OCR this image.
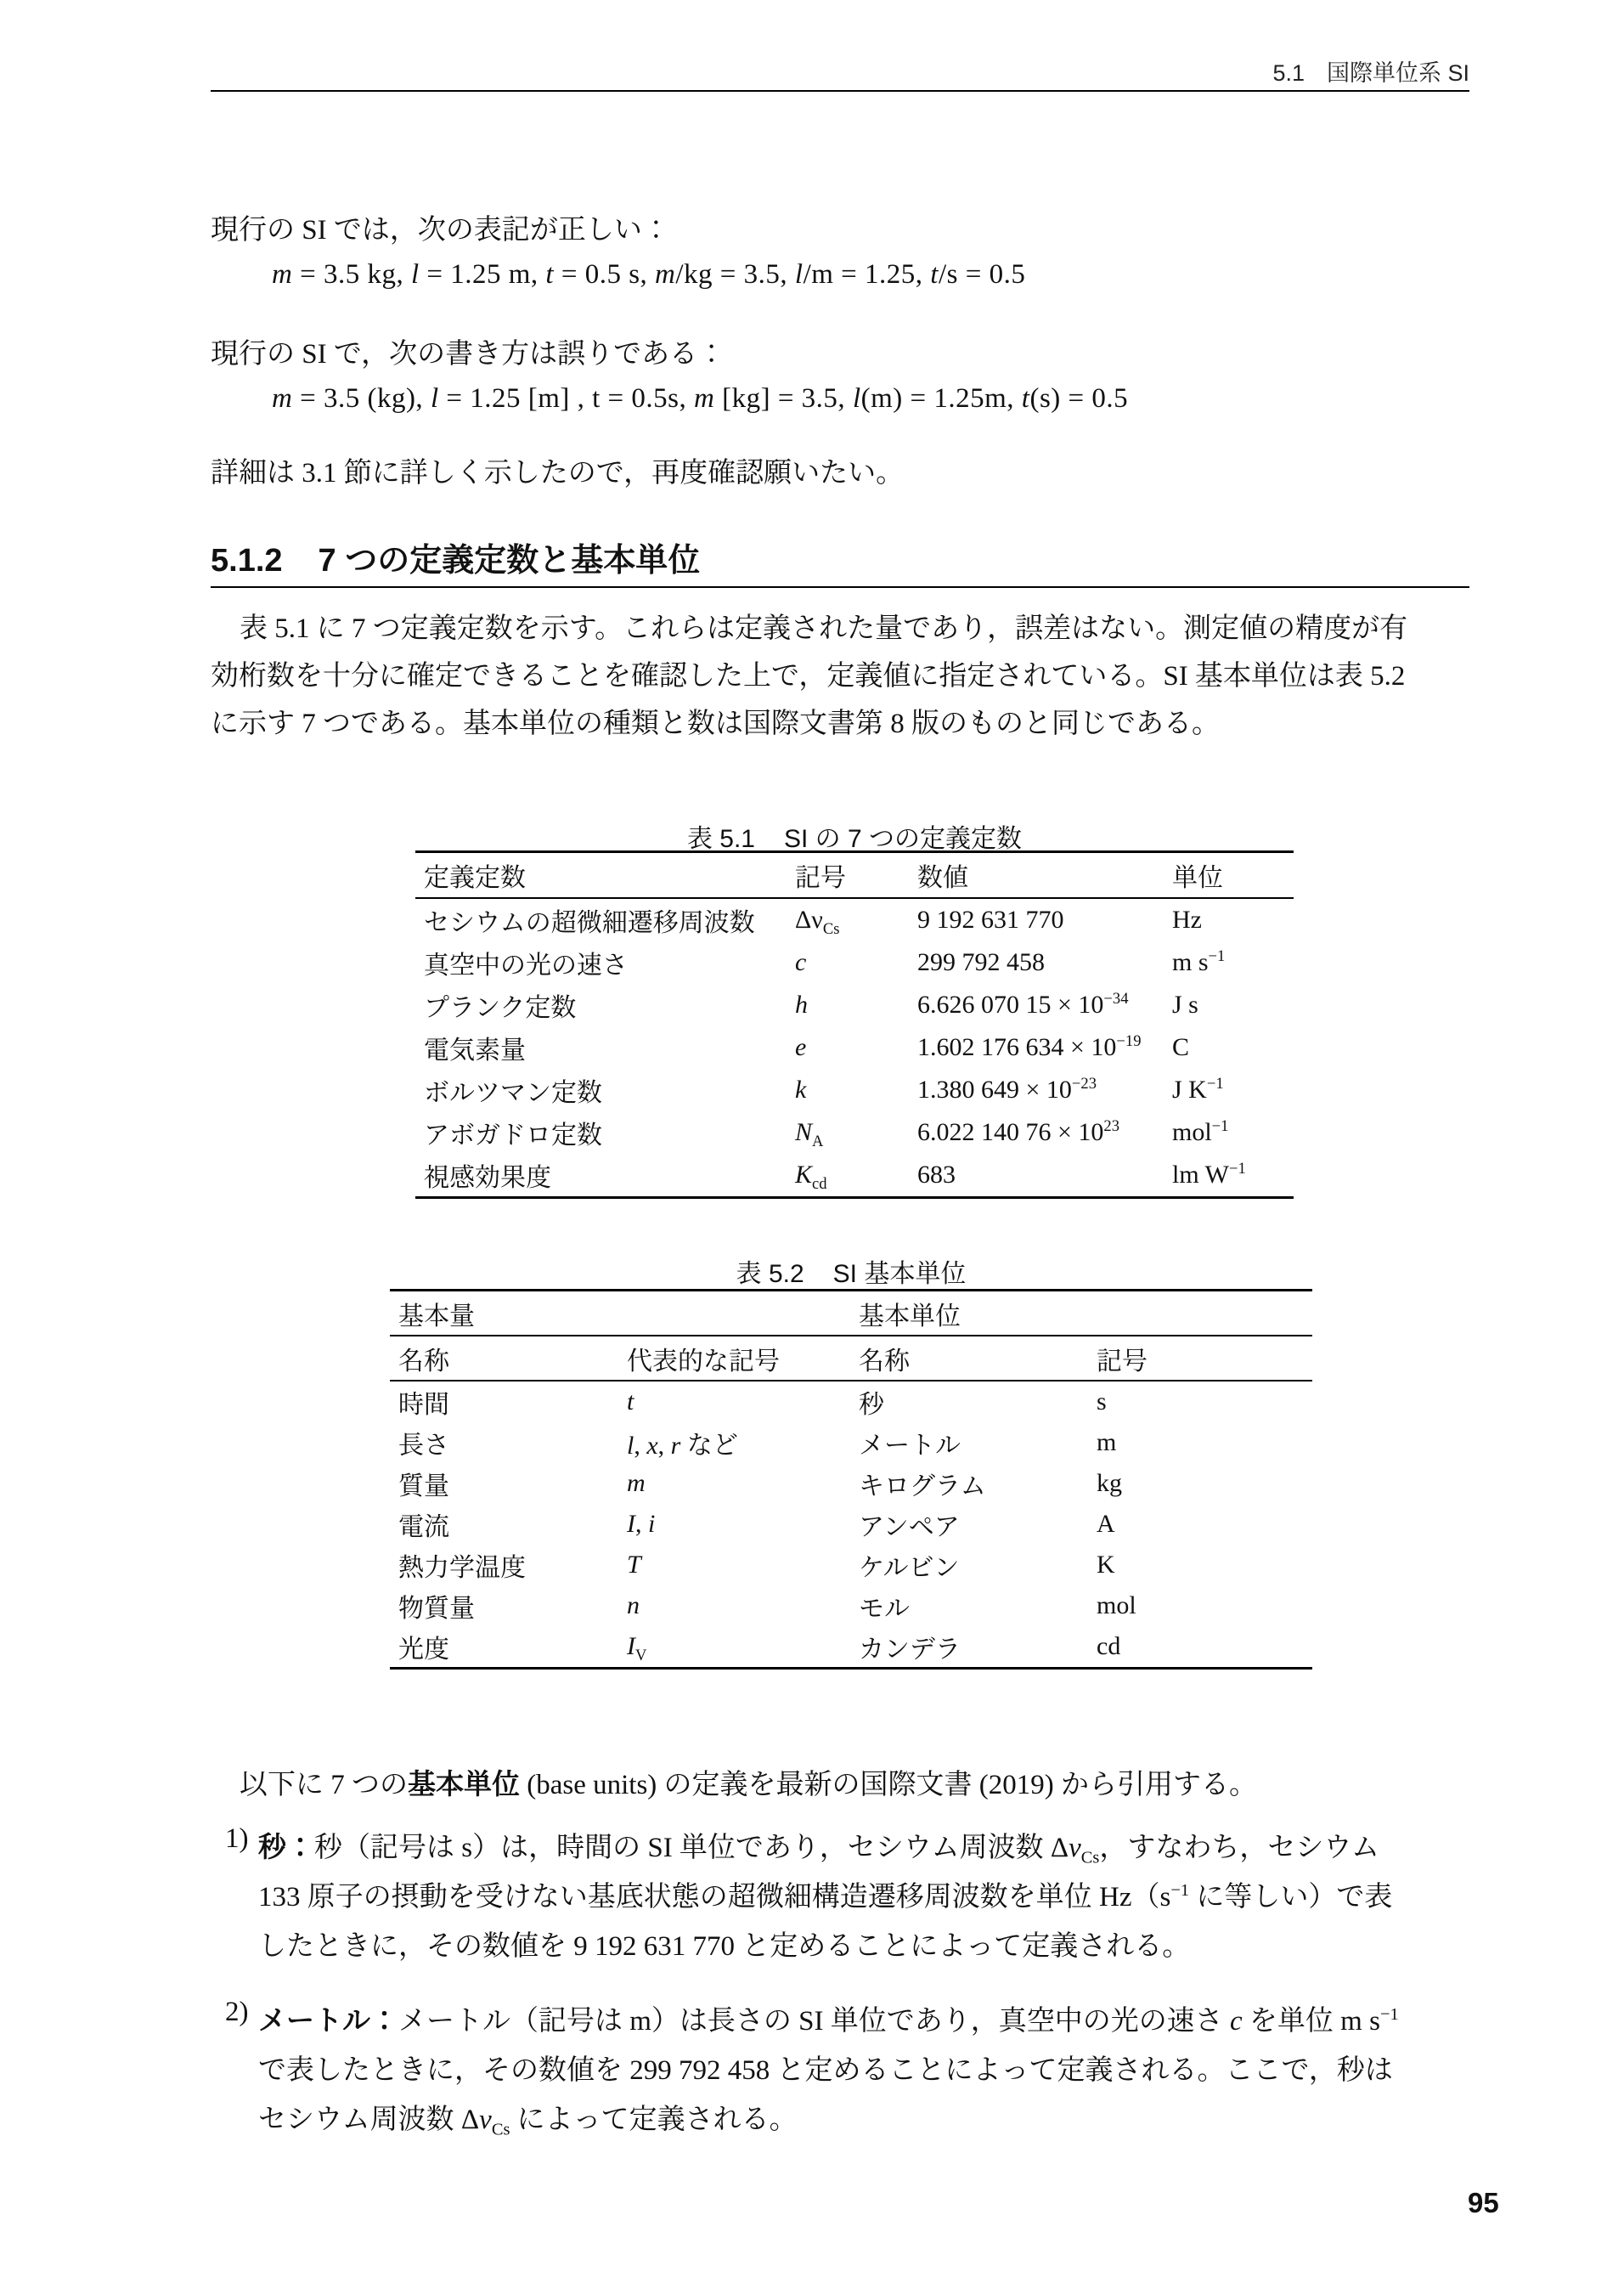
5.1 国際単位系 SI
現行の SI では，次の表記が正しい：
m = 3.5 kg, l = 1.25 m, t = 0.5 s, m/kg = 3.5, l/m = 1.25, t/s = 0.5
現行の SI で，次の書き方は誤りである：
m = 3.5 (kg), l = 1.25 [m] , t = 0.5s, m [kg] = 3.5, l(m) = 1.25m, t(s) = 0.5
詳細は 3.1 節に詳しく示したので，再度確認願いたい。
5.1.2 7 つの定義定数と基本単位
表 5.1 に 7 つ定義定数を示す。これらは定義された量であり，誤差はない。測定値の精度が有
効桁数を十分に確定できることを確認した上で，定義値に指定されている。SI 基本単位は表 5.2
に示す 7 つである。基本単位の種類と数は国際文書第 8 版のものと同じである。
表 5.1 SI の 7 つの定義定数
定義定数	記号	数値	単位
セシウムの超微細遷移周波数	$\Delta\nu_{Cs}$	9 192 631 770	Hz
真空中の光の速さ	c	299 792 458	m $s^{-1}$
プランク定数	h	6.626 070 $15 \times 10^{-34}$	J s
電気素量	e	1.602 176 $634 \times 10^{-19}$	C
ボルツマン定数	k	1.380 $649 \times 10^{-23}$	J $K^{-1}$
アボガドロ定数	$N_A$	6.022 140 $76 \times 10^{23}$	mol$^{-1}$
視感効果度	$K_{cd}$	683	lm $W^{-1}$
表 5.2 SI 基本単位
基本量		基本単位	
名称	代表的な記号	名称	記号
時間	t	秒	s
長さ	l, x, r など	メートル	m
質量	m	キログラム	kg
電流	I, i	アンペア	A
熱力学温度	T	ケルビン	K
物質量	n	モル	mol
光度	$I_V$	カンデラ	cd
以下に 7 つの基本単位 (base units) の定義を最新の国際文書 (2019) から引用する。
1) 秒：秒（記号は s）は，時間の SI 単位であり，セシウム周波数 $\Delta\nu_{Cs}$，すなわち，セシウム
133 原子の摂動を受けない基底状態の超微細構造遷移周波数を単位 $Hz(s^{-1}$ に等しい）で表
したときに，その数値を 9 192 631 770 と定めることによって定義される。
2) メートル：メートル（記号は m）は長さの SI 単位であり，真空中の光の速さ c を単位 m $s^{-1}$
で表したときに，その数値を 299 792 458 と定めることによって定義される。ここで，秒は
セシウム周波数 $\Delta\nu_{Cs}$ によって定義される。
95
